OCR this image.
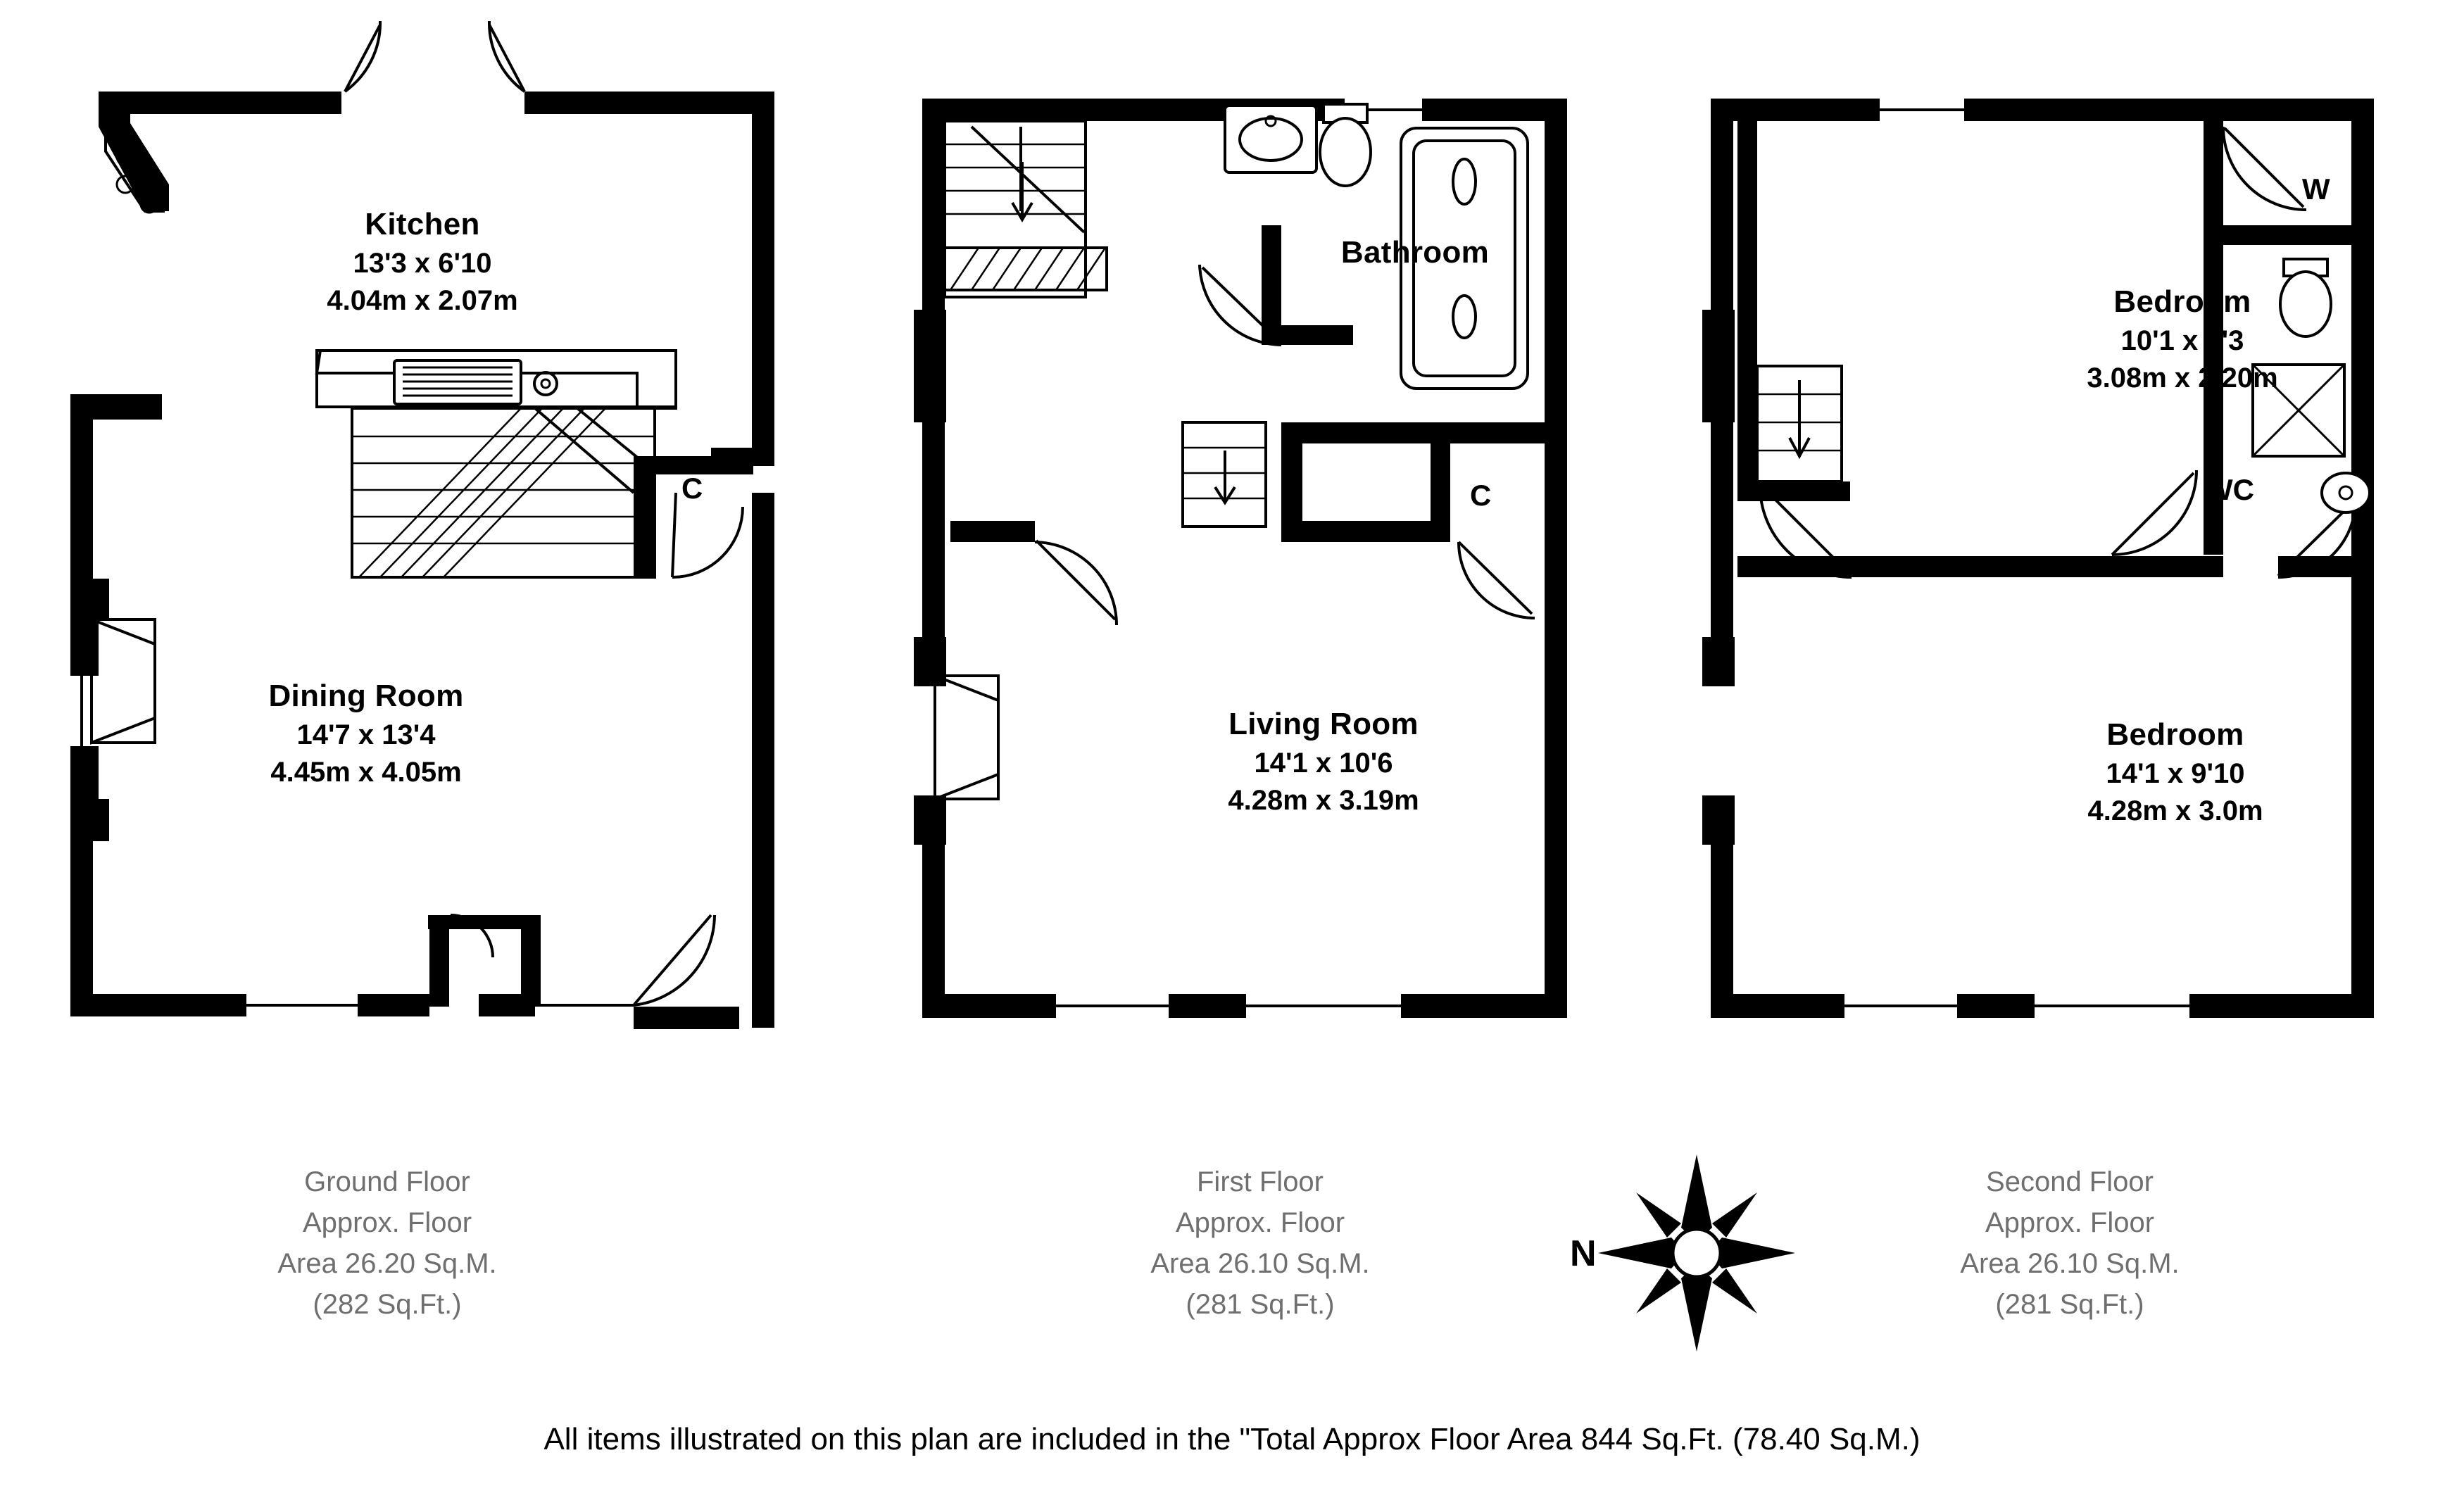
Kitchen
13'3 x 6'10
4.04m x 2.07m
Dining Room
14'7 x 13'4
4.45m x 4.05m
C
Ground Floor
Approx. Floor
Area 26.20 Sq.M.
(282 Sq.Ft.)
Bathroom
Living Room
14'1 x 10'6
4.28m x 3.19m
C
First Floor
Approx. Floor
Area 26.10 Sq.M.
(281 Sq.Ft.)
N
Bedroom
10'1 x 7'3
3.08m x 2.20m
Bedroom
14'1 x 9'10
4.28m x 3.0m
W
WC
Second Floor
Approx. Floor
Area 26.10 Sq.M.
(281 Sq.Ft.)
All items illustrated on this plan are included in the "Total Approx Floor Area 844 Sq.Ft. (78.40 Sq.M.)
